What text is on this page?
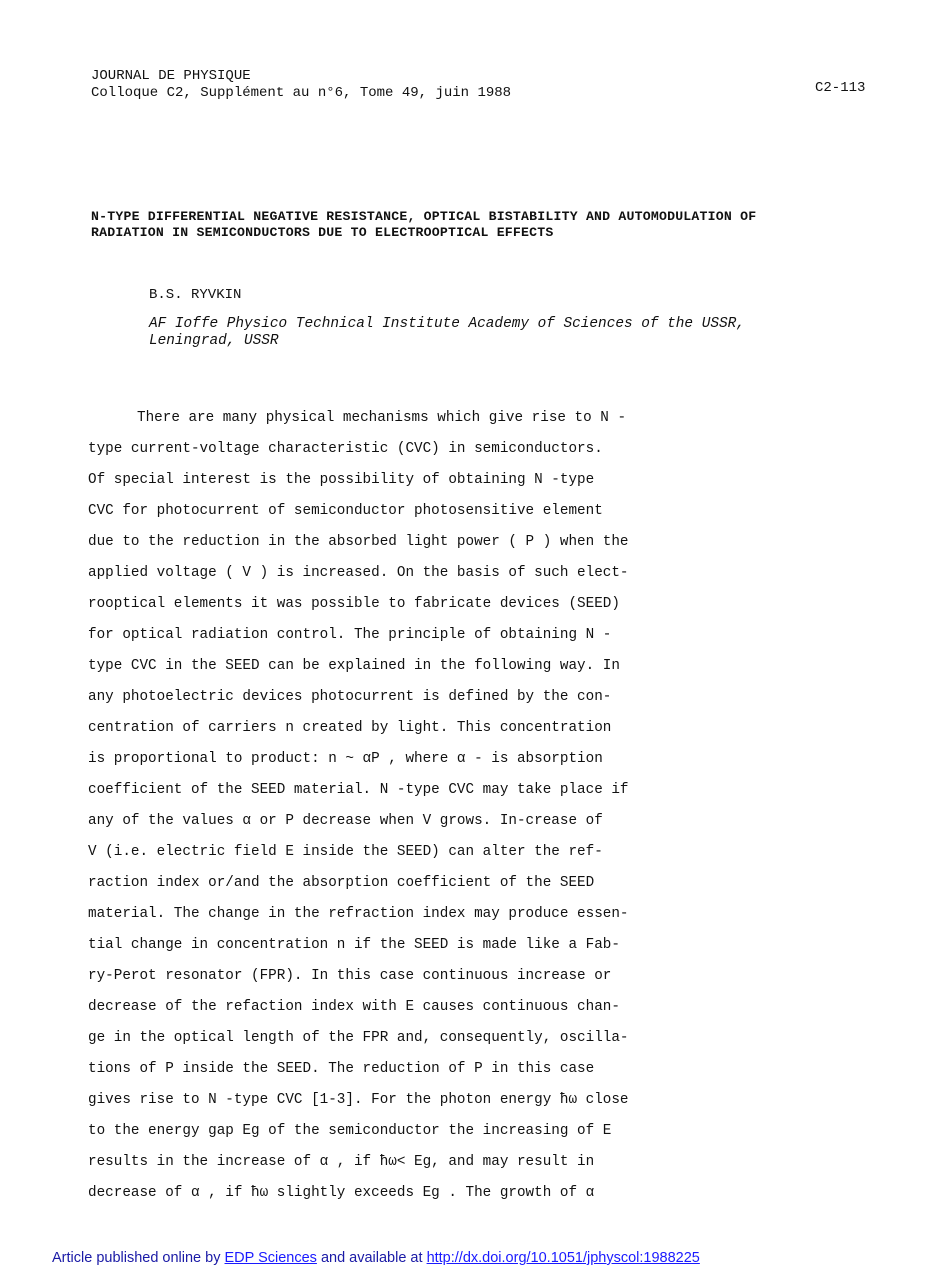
JOURNAL DE PHYSIQUE
Colloque C2, Supplément au n°6, Tome 49, juin 1988	C2-113
N-TYPE DIFFERENTIAL NEGATIVE RESISTANCE, OPTICAL BISTABILITY AND AUTOMODULATION OF RADIATION IN SEMICONDUCTORS DUE TO ELECTROOPTICAL EFFECTS
B.S. RYVKIN
AF Ioffe Physico Technical Institute Academy of Sciences of the USSR, Leningrad, USSR
There are many physical mechanisms which give rise to N -
type current-voltage characteristic (CVC) in semiconductors.
Of special interest is the possibility of obtaining N -type
CVC for photocurrent of semiconductor photosensitive element
due to the reduction in the absorbed light power ( P ) when the
applied voltage ( V ) is increased. On the basis of such elect-
rooptical elements it was possible to fabricate devices (SEED)
for optical radiation control. The principle of obtaining N -
type CVC in the SEED can be explained in the following way. In
any photoelectric devices photocurrent is defined by the con-
centration of carriers n created by light. This concentration
is proportional to product: n ~ αP , where α - is absorption
coefficient of the SEED material. N -type CVC may take place if
any of the values α or P decrease when V grows. In-crease of
V (i.e. electric field E inside the SEED) can alter the ref-
raction index or/and the absorption coefficient of the SEED
material. The change in the refraction index may produce essen-
tial change in concentration n if the SEED is made like a Fab-
ry-Perot resonator (FPR). In this case continuous increase or
decrease of the refaction index with E causes continuous chan-
ge in the optical length of the FPR and, consequently, oscilla-
tions of P inside the SEED. The reduction of P in this case
gives rise to N -type CVC [1-3]. For the photon energy ħω close
to the energy gap Eg of the semiconductor the increasing of E
results in the increase of α , if ħω< Eg, and may result in
decrease of α , if ħω slightly exceeds Eg . The growth of α
Article published online by EDP Sciences and available at http://dx.doi.org/10.1051/jphyscol:1988225
